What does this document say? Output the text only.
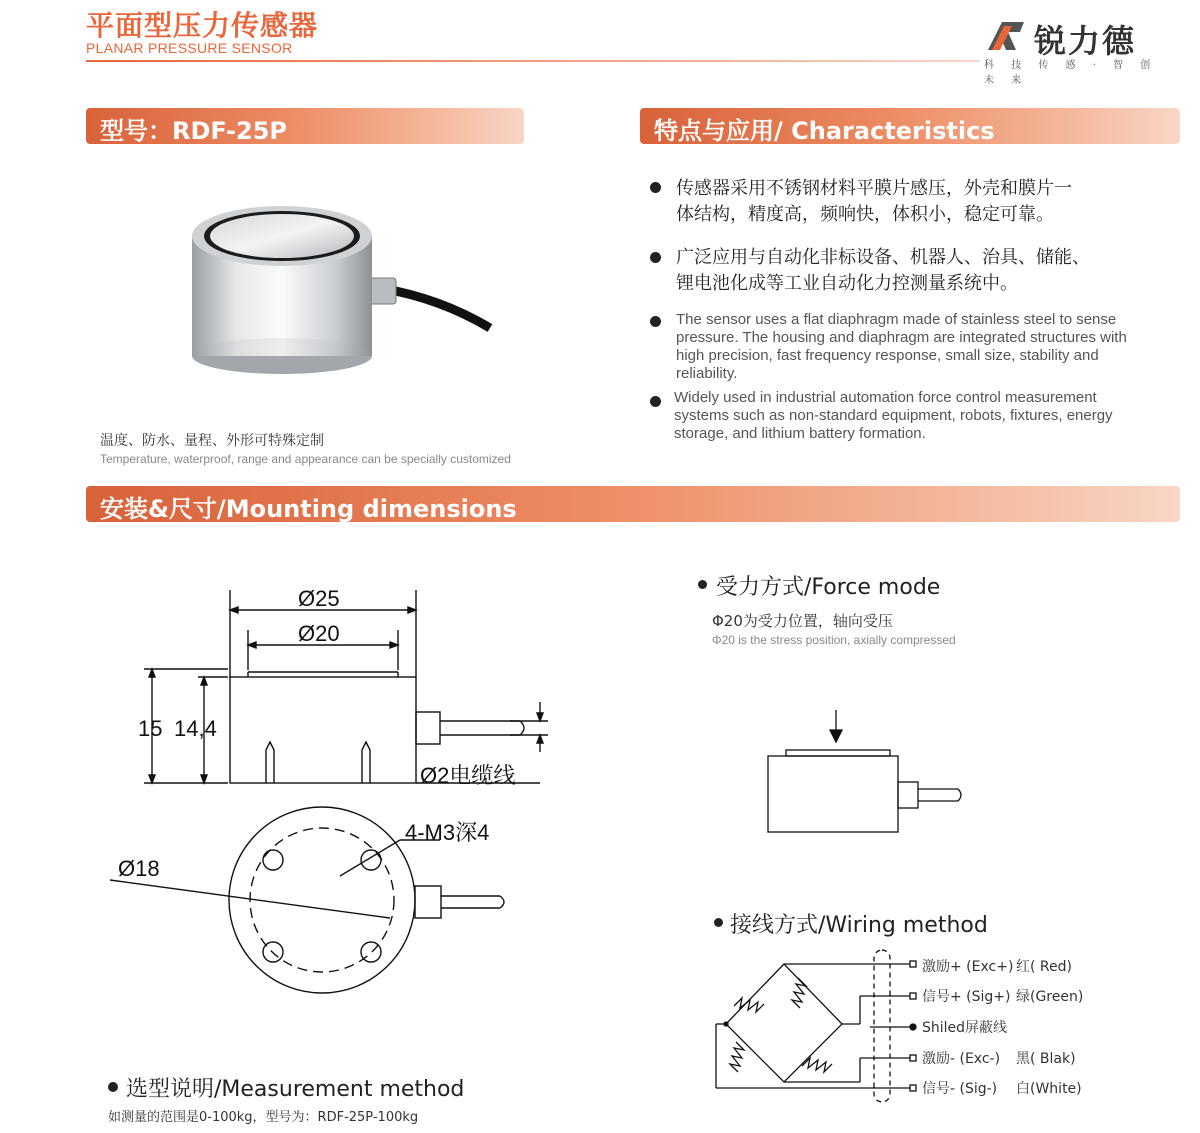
平面型压力传感器
PLANAR PRESSURE SENSOR	锐力德
科 技 传 感 · 智 创 未 来
型号：RDF-25P	特点与应用/ Characteristics
温度、防水、量程、外形可特殊定制
Temperature, waterproof, range and appearance can be specially customized
传感器采用不锈钢材料平膜片感压，外壳和膜片一
体结构，精度高，频响快，体积小，稳定可靠。
广泛应用与自动化非标设备、机器人、治具、储能、
锂电池化成等工业自动化力控测量系统中。
The sensor uses a flat diaphragm made of stainless steel to sense
pressure. The housing and diaphragm are integrated structures with
high precision, fast frequency response, small size, stability and
reliability.
Widely used in industrial automation force control measurement
systems such as non-standard equipment, robots, fixtures, energy
storage, and lithium battery formation.
安装&尺寸/Mounting dimensions
Ø25
Ø20
15 14,4
Ø2电缆线
4-M3深4
Ø18
受力方式/Force mode
Φ20为受力位置，轴向受压
Φ20 is the stress position, axially compressed
接线方式/Wiring method
激励+ (Exc+) 红( Red)
信号+ (Sig+) 绿(Green)
Shiled屏蔽线
激励- (Exc-) 黑( Blak)
信号- (Sig-) 白(White)
选型说明/Measurement method
如测量的范围是0-100kg，型号为：RDF-25P-100kg
